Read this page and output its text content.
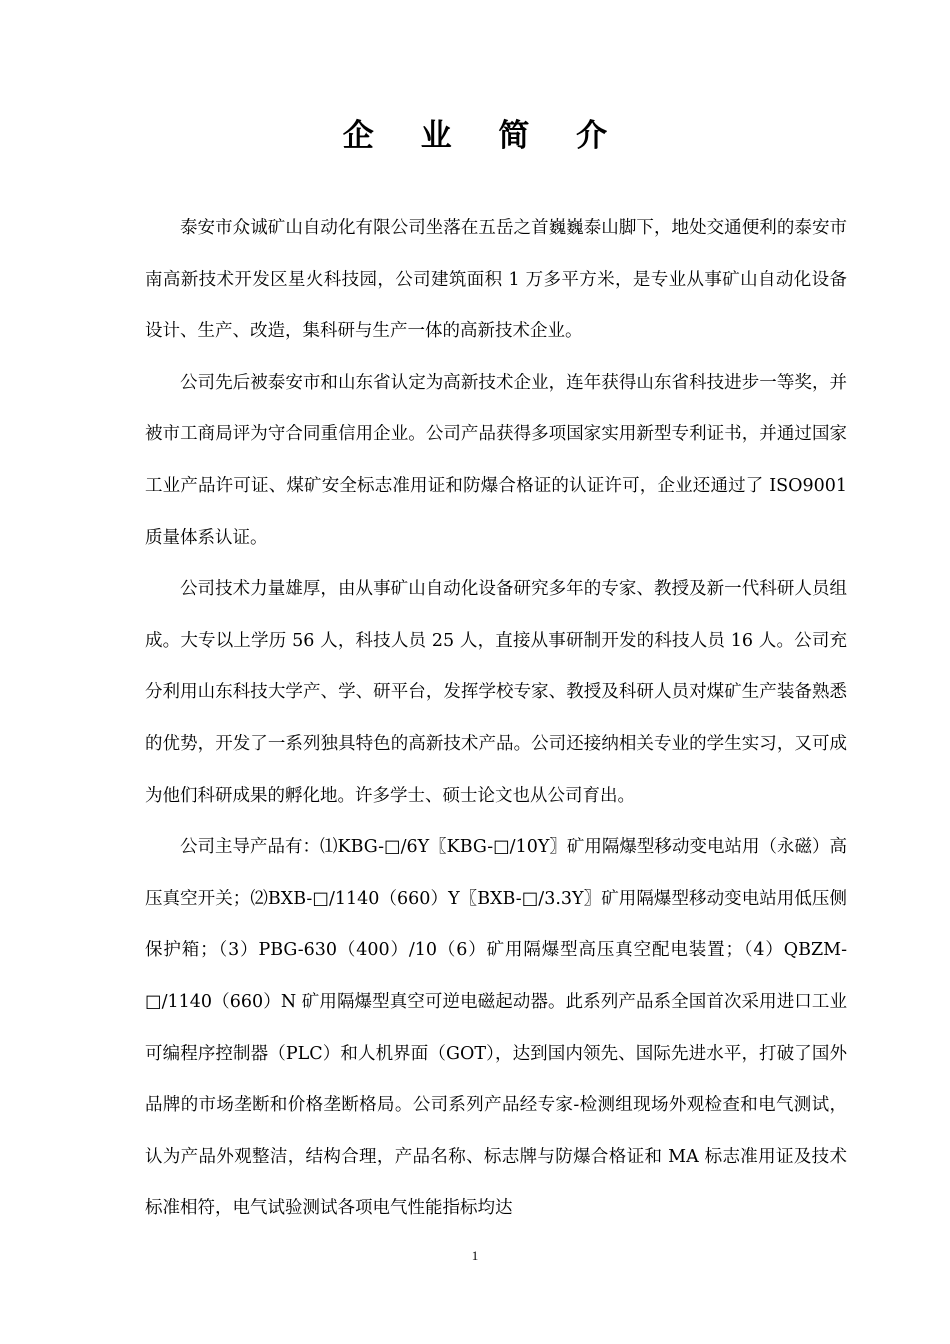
企 业 简 介

泰安市众诚矿山自动化有限公司坐落在五岳之首巍巍泰山脚下，地处交通便利的泰安市南高新技术开发区星火科技园，公司建筑面积 1 万多平方米，是专业从事矿山自动化设备设计、生产、改造，集科研与生产一体的高新技术企业。

公司先后被泰安市和山东省认定为高新技术企业，连年获得山东省科技进步一等奖，并被市工商局评为守合同重信用企业。公司产品获得多项国家实用新型专利证书，并通过国家工业产品许可证、煤矿安全标志准用证和防爆合格证的认证许可，企业还通过了 ISO9001 质量体系认证。

公司技术力量雄厚，由从事矿山自动化设备研究多年的专家、教授及新一代科研人员组成。大专以上学历 56 人，科技人员 25 人，直接从事研制开发的科技人员 16 人。公司充分利用山东科技大学产、学、研平台，发挥学校专家、教授及科研人员对煤矿生产装备熟悉的优势，开发了一系列独具特色的高新技术产品。公司还接纳相关专业的学生实习，又可成为他们科研成果的孵化地。许多学士、硕士论文也从公司育出。

公司主导产品有：⑴KBG-□/6Y〖KBG-□/10Y〗矿用隔爆型移动变电站用（永磁）高压真空开关；⑵BXB-□/1140（660）Y〖BXB-□/3.3Y〗矿用隔爆型移动变电站用低压侧保护箱；（3）PBG-630（400）/10（6）矿用隔爆型高压真空配电装置；（4）QBZM-□/1140（660）N 矿用隔爆型真空可逆电磁起动器。此系列产品系全国首次采用进口工业可编程序控制器（PLC）和人机界面（GOT），达到国内领先、国际先进水平，打破了国外品牌的市场垄断和价格垄断格局。公司系列产品经专家-检测组现场外观检查和电气测试，认为产品外观整洁，结构合理，产品名称、标志牌与防爆合格证和 MA 标志准用证及技术标准相符，电气试验测试各项电气性能指标均达

1
